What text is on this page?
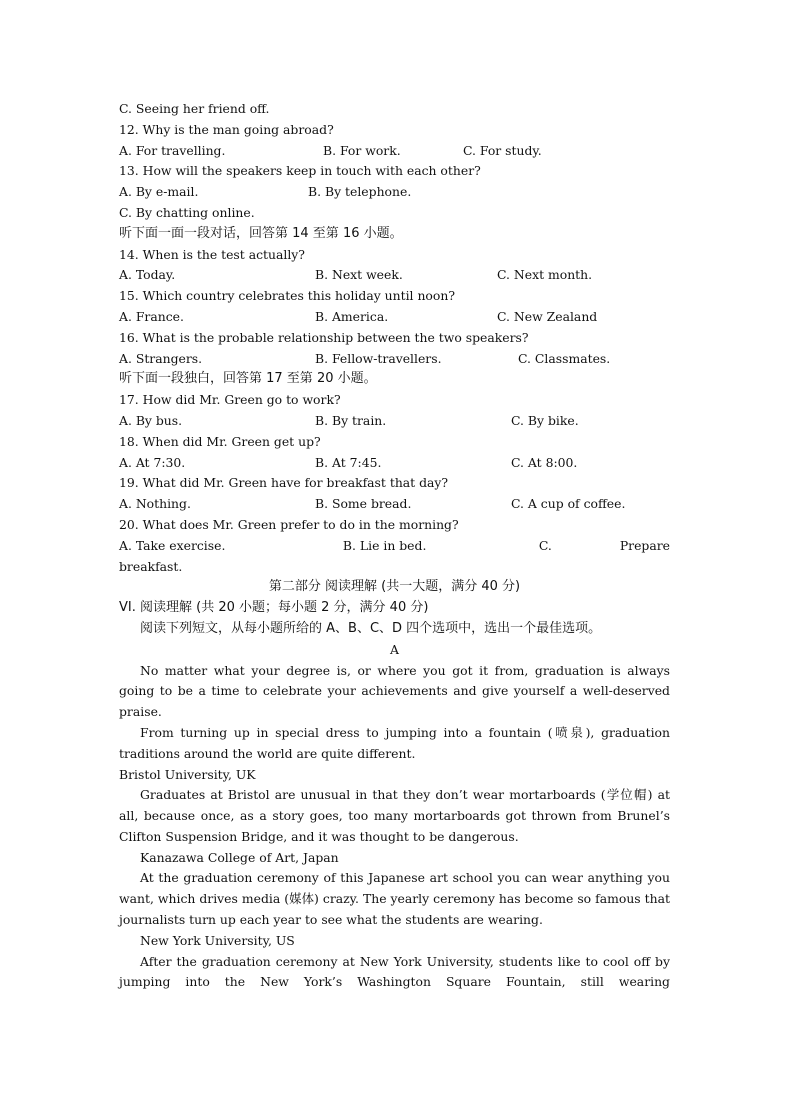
C. Seeing her friend off.
12. Why is the man going abroad?
A. For travelling.	B. For work.	C. For study.
13. How will the speakers keep in touch with each other?
A. By e-mail.	B. By telephone.
C. By chatting online.
听下面一面一段对话，回答第 14 至第 16 小题。
14. When is the test actually?
A. Today.	B. Next week.	C. Next month.
15. Which country celebrates this holiday until noon?
A. France.	B. America.	C. New Zealand
16. What is the probable relationship between the two speakers?
A. Strangers.	B. Fellow-travellers.	C. Classmates.
听下面一段独白，回答第 17 至第 20 小题。
17. How did Mr. Green go to work?
A. By bus.	B. By train.	C. By bike.
18. When did Mr. Green get up?
A. At 7:30.	B. At 7:45.	C. At 8:00.
19. What did Mr. Green have for breakfast that day?
A. Nothing.	B. Some bread.	C. A cup of coffee.
20. What does Mr. Green prefer to do in the morning?
A. Take exercise.	B. Lie in bed.	C.	Prepare
breakfast.
第二部分 阅读理解 (共一大题，满分 40 分)
VI. 阅读理解 (共 20 小题；每小题 2 分，满分 40 分)
阅读下列短文，从每小题所给的 A、B、C、D 四个选项中，选出一个最佳选项。
A
No matter what your degree is, or where you got it from, graduation is always going to be a time to celebrate your achievements and give yourself a well-deserved praise.
From turning up in special dress to jumping into a fountain (喷泉), graduation traditions around the world are quite different.
Bristol University, UK
Graduates at Bristol are unusual in that they don’t wear mortarboards (学位帽) at all, because once, as a story goes, too many mortarboards got thrown from Brunel’s Clifton Suspension Bridge, and it was thought to be dangerous.
Kanazawa College of Art, Japan
At the graduation ceremony of this Japanese art school you can wear anything you want, which drives media (媒体) crazy. The yearly ceremony has become so famous that journalists turn up each year to see what the students are wearing.
New York University, US
After the graduation ceremony at New York University, students like to cool off by jumping into the New York’s Washington Square Fountain, still wearing
